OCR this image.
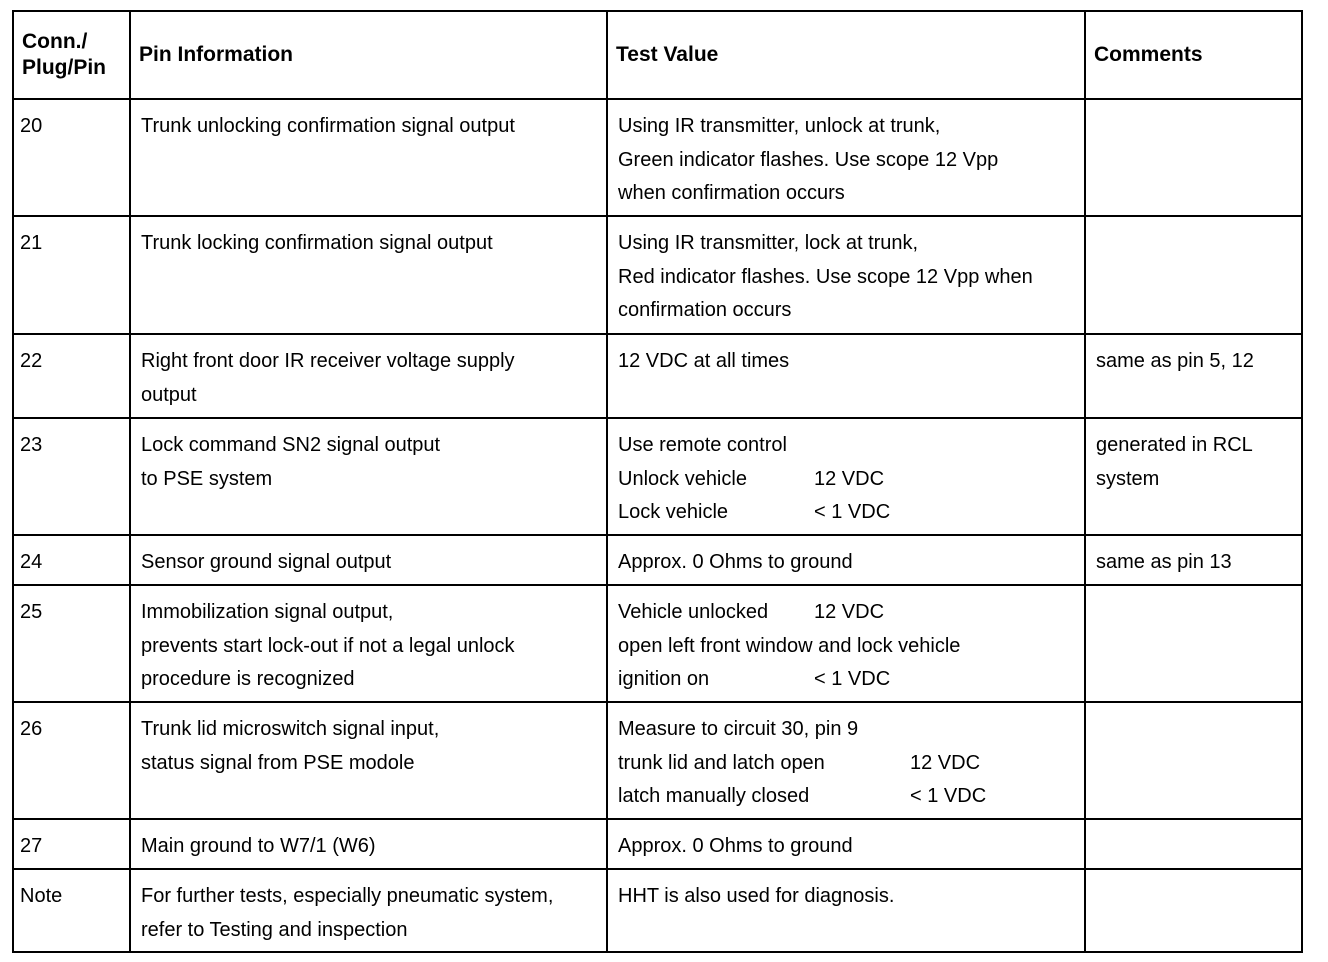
Conn./
Plug/Pin	Pin Information	Test Value	Comments
20	Trunk unlocking confirmation signal output	Using IR transmitter, unlock at trunk,
Green indicator flashes. Use scope 12 Vpp
when confirmation occurs	

21	Trunk locking confirmation signal output	Using IR transmitter, lock at trunk,
Red indicator flashes. Use scope 12 Vpp when
confirmation occurs	

22	Right front door IR receiver voltage supply
output	12 VDC at all times	same as pin 5, 12

23	Lock command SN2 signal output
to PSE system	Use remote control
Unlock vehicle 12 VDC
Lock vehicle < 1 VDC	generated in RCL
system

24	Sensor ground signal output	Approx. 0 Ohms to ground	same as pin 13

25	Immobilization signal output,
prevents start lock-out if not a legal unlock
procedure is recognized	Vehicle unlocked 12 VDC
open left front window and lock vehicle
ignition on < 1 VDC	

26	Trunk lid microswitch signal input,
status signal from PSE modole	Measure to circuit 30, pin 9
trunk lid and latch open 12 VDC
latch manually closed < 1 VDC	

27	Main ground to W7/1 (W6)	Approx. 0 Ohms to ground	

Note	For further tests, especially pneumatic system,
refer to Testing and inspection	HHT is also used for diagnosis.	
